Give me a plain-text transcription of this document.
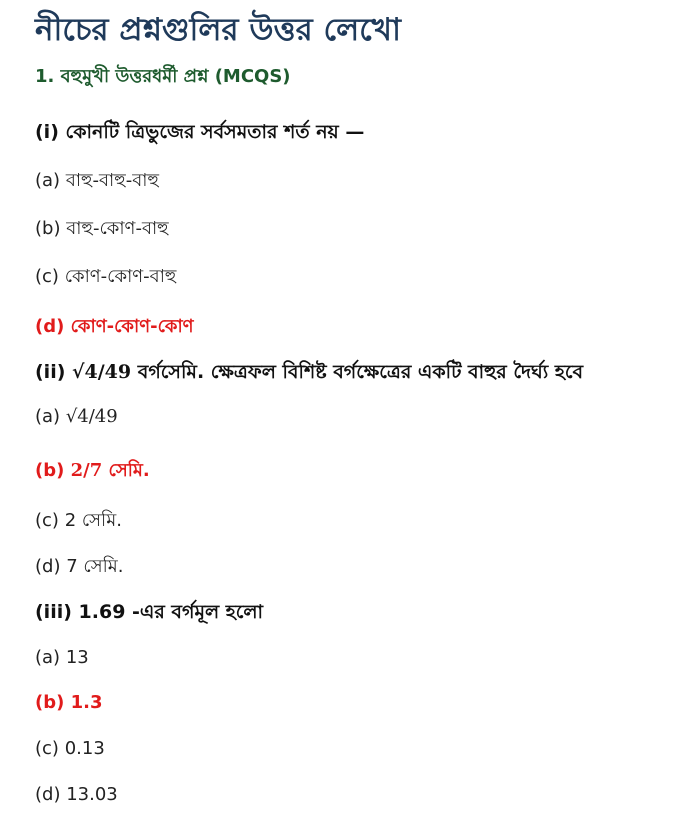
নীচের প্রশ্নগুলির উত্তর লেখো
1. বহুমুখী উত্তরধর্মী প্রশ্ন (MCQS)
(i) কোনটি ত্রিভুজের সর্বসমতার শর্ত নয় —
(a) বাহু-বাহু-বাহু
(b) বাহু-কোণ-বাহু
(c) কোণ-কোণ-বাহু
(d) কোণ-কোণ-কোণ
(ii) √4/49 বর্গসেমি. ক্ষেত্রফল বিশিষ্ট বর্গক্ষেত্রের একটি বাহুর দৈর্ঘ্য হবে
(a) √4/49
(b) 2/7 সেমি.
(c) 2 সেমি.
(d) 7 সেমি.
(iii) 1.69 -এর বর্গমূল হলো
(a) 13
(b) 1.3
(c) 0.13
(d) 13.03
